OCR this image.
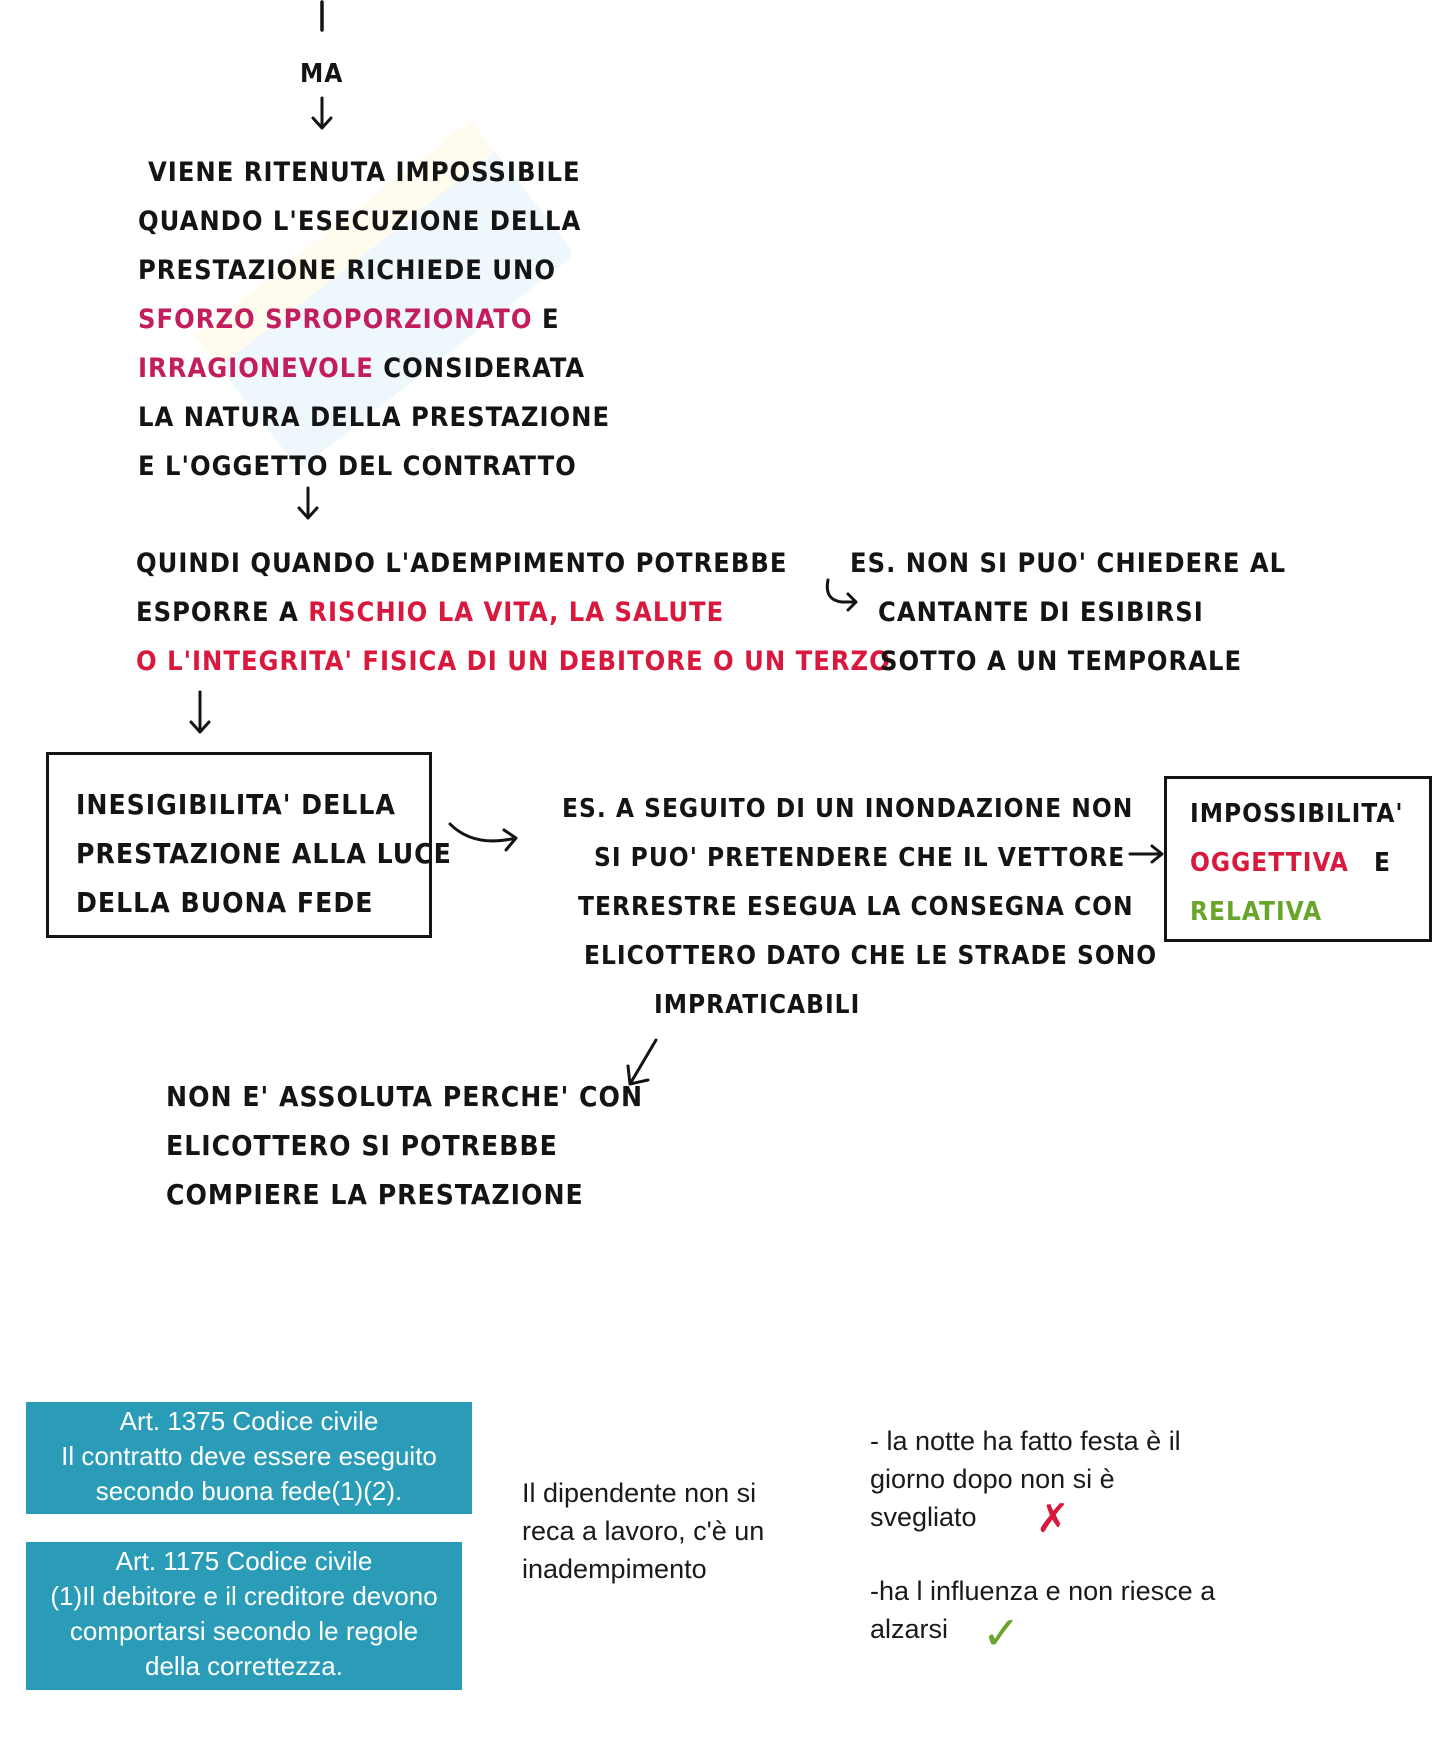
MA
VIENE RITENUTA IMPOSSIBILE
QUANDO L'ESECUZIONE DELLA
PRESTAZIONE RICHIEDE UNO
SFORZO SPROPORZIONATO E
IRRAGIONEVOLE CONSIDERATA
LA NATURA DELLA PRESTAZIONE
E L'OGGETTO DEL CONTRATTO
QUINDI QUANDO L'ADEMPIMENTO POTREBBE
ESPORRE A RISCHIO LA VITA, LA SALUTE
O L'INTEGRITA' FISICA DI UN DEBITORE O UN TERZO
ES. NON SI PUO' CHIEDERE AL
CANTANTE DI ESIBIRSI
SOTTO A UN TEMPORALE
INESIGIBILITA' DELLA
PRESTAZIONE ALLA LUCE
DELLA BUONA FEDE
ES. A SEGUITO DI UN INONDAZIONE NON
SI PUO' PRETENDERE CHE IL VETTORE
TERRESTRE ESEGUA LA CONSEGNA CON
ELICOTTERO DATO CHE LE STRADE SONO
IMPRATICABILI
IMPOSSIBILITA'
OGGETTIVA E
RELATIVA
NON E' ASSOLUTA PERCHE' CON
ELICOTTERO SI POTREBBE
COMPIERE LA PRESTAZIONE
Art. 1375 Codice civile
Il contratto deve essere eseguito
secondo buona fede(1)(2).
Art. 1175 Codice civile
(1)Il debitore e il creditore devono
comportarsi secondo le regole
della correttezza.
Il dipendente non si
reca a lavoro, c'è un
inadempimento
- la notte ha fatto festa è il
giorno dopo non si è
svegliato	✗
-ha l influenza e non riesce a
alzarsi ✓
